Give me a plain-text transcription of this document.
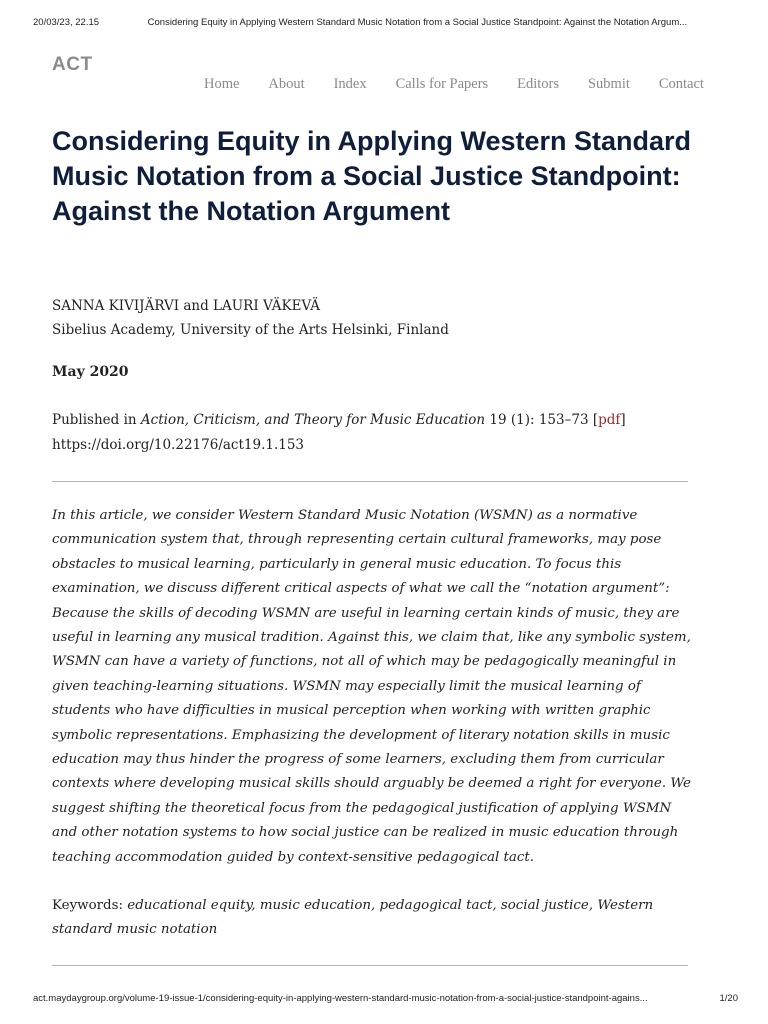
20/03/23, 22.15	Considering Equity in Applying Western Standard Music Notation from a Social Justice Standpoint: Against the Notation Argum...
ACT
Home About Index Calls for Papers Editors Submit Contact
Considering Equity in Applying Western Standard Music Notation from a Social Justice Standpoint: Against the Notation Argument
SANNA KIVIJÄRVI and LAURI VÄKEVÄ
Sibelius Academy, University of the Arts Helsinki, Finland
May 2020
Published in Action, Criticism, and Theory for Music Education 19 (1): 153–73 [pdf]
https://doi.org/10.22176/act19.1.153

In this article, we consider Western Standard Music Notation (WSMN) as a normative communication system that, through representing certain cultural frameworks, may pose obstacles to musical learning, particularly in general music education. To focus this examination, we discuss different critical aspects of what we call the “notation argument”: Because the skills of decoding WSMN are useful in learning certain kinds of music, they are useful in learning any musical tradition. Against this, we claim that, like any symbolic system, WSMN can have a variety of functions, not all of which may be pedagogically meaningful in given teaching-learning situations. WSMN may especially limit the musical learning of students who have difficulties in musical perception when working with written graphic symbolic representations. Emphasizing the development of literary notation skills in music education may thus hinder the progress of some learners, excluding them from curricular contexts where developing musical skills should arguably be deemed a right for everyone. We suggest shifting the theoretical focus from the pedagogical justification of applying WSMN and other notation systems to how social justice can be realized in music education through teaching accommodation guided by context-sensitive pedagogical tact.

Keywords: educational equity, music education, pedagogical tact, social justice, Western standard music notation

act.maydaygroup.org/volume-19-issue-1/considering-equity-in-applying-western-standard-music-notation-from-a-social-justice-standpoint-agains...	1/20
